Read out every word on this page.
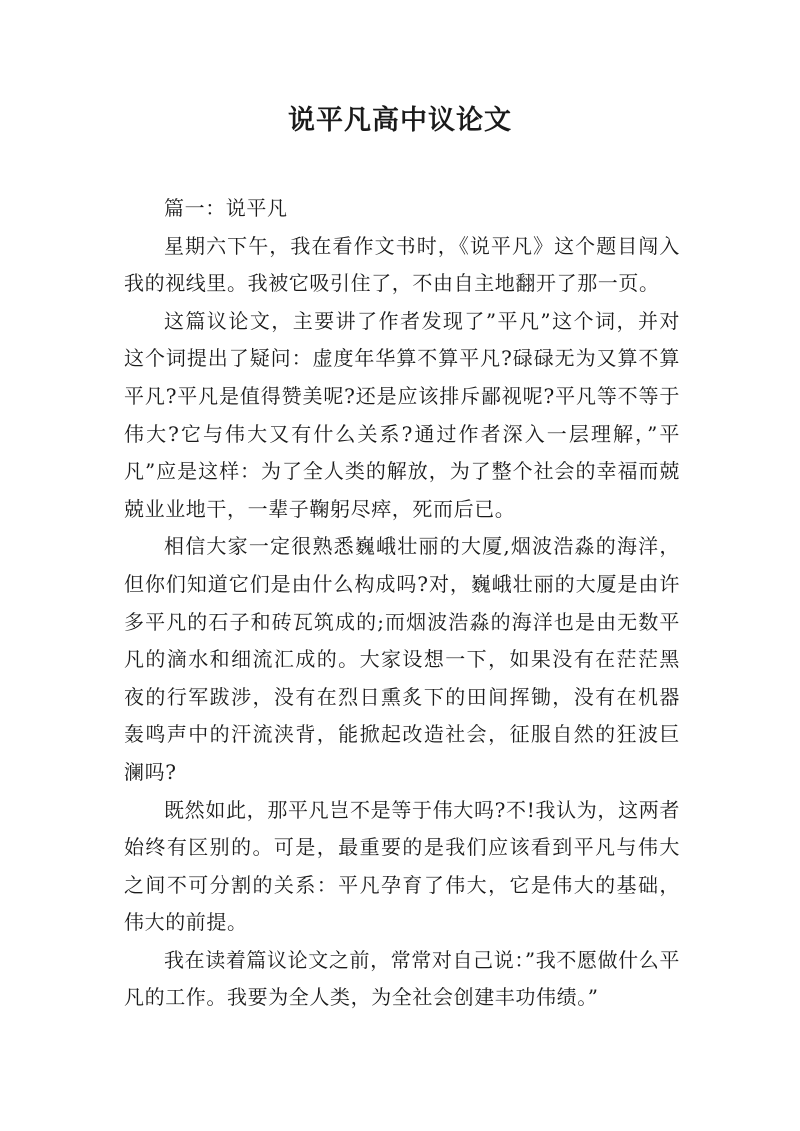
说平凡高中议论文

篇一：说平凡

星期六下午，我在看作文书时，《说平凡》这个题目闯入我的视线里。我被它吸引住了，不由自主地翻开了那一页。

这篇议论文，主要讲了作者发现了”平凡”这个词，并对这个词提出了疑问：虚度年华算不算平凡?碌碌无为又算不算平凡?平凡是值得赞美呢?还是应该排斥鄙视呢?平凡等不等于伟大?它与伟大又有什么关系?通过作者深入一层理解，”平凡”应是这样：为了全人类的解放，为了整个社会的幸福而兢兢业业地干，一辈子鞠躬尽瘁，死而后已。

相信大家一定很熟悉巍峨壮丽的大厦,烟波浩淼的海洋，但你们知道它们是由什么构成吗?对，巍峨壮丽的大厦是由许多平凡的石子和砖瓦筑成的;而烟波浩淼的海洋也是由无数平凡的滴水和细流汇成的。大家设想一下，如果没有在茫茫黑夜的行军跋涉，没有在烈日熏炙下的田间挥锄，没有在机器轰鸣声中的汗流浃背，能掀起改造社会，征服自然的狂波巨澜吗?

既然如此，那平凡岂不是等于伟大吗?不!我认为，这两者始终有区别的。可是，最重要的是我们应该看到平凡与伟大之间不可分割的关系：平凡孕育了伟大，它是伟大的基础，伟大的前提。

我在读着篇议论文之前，常常对自己说：”我不愿做什么平凡的工作。我要为全人类，为全社会创建丰功伟绩。”
